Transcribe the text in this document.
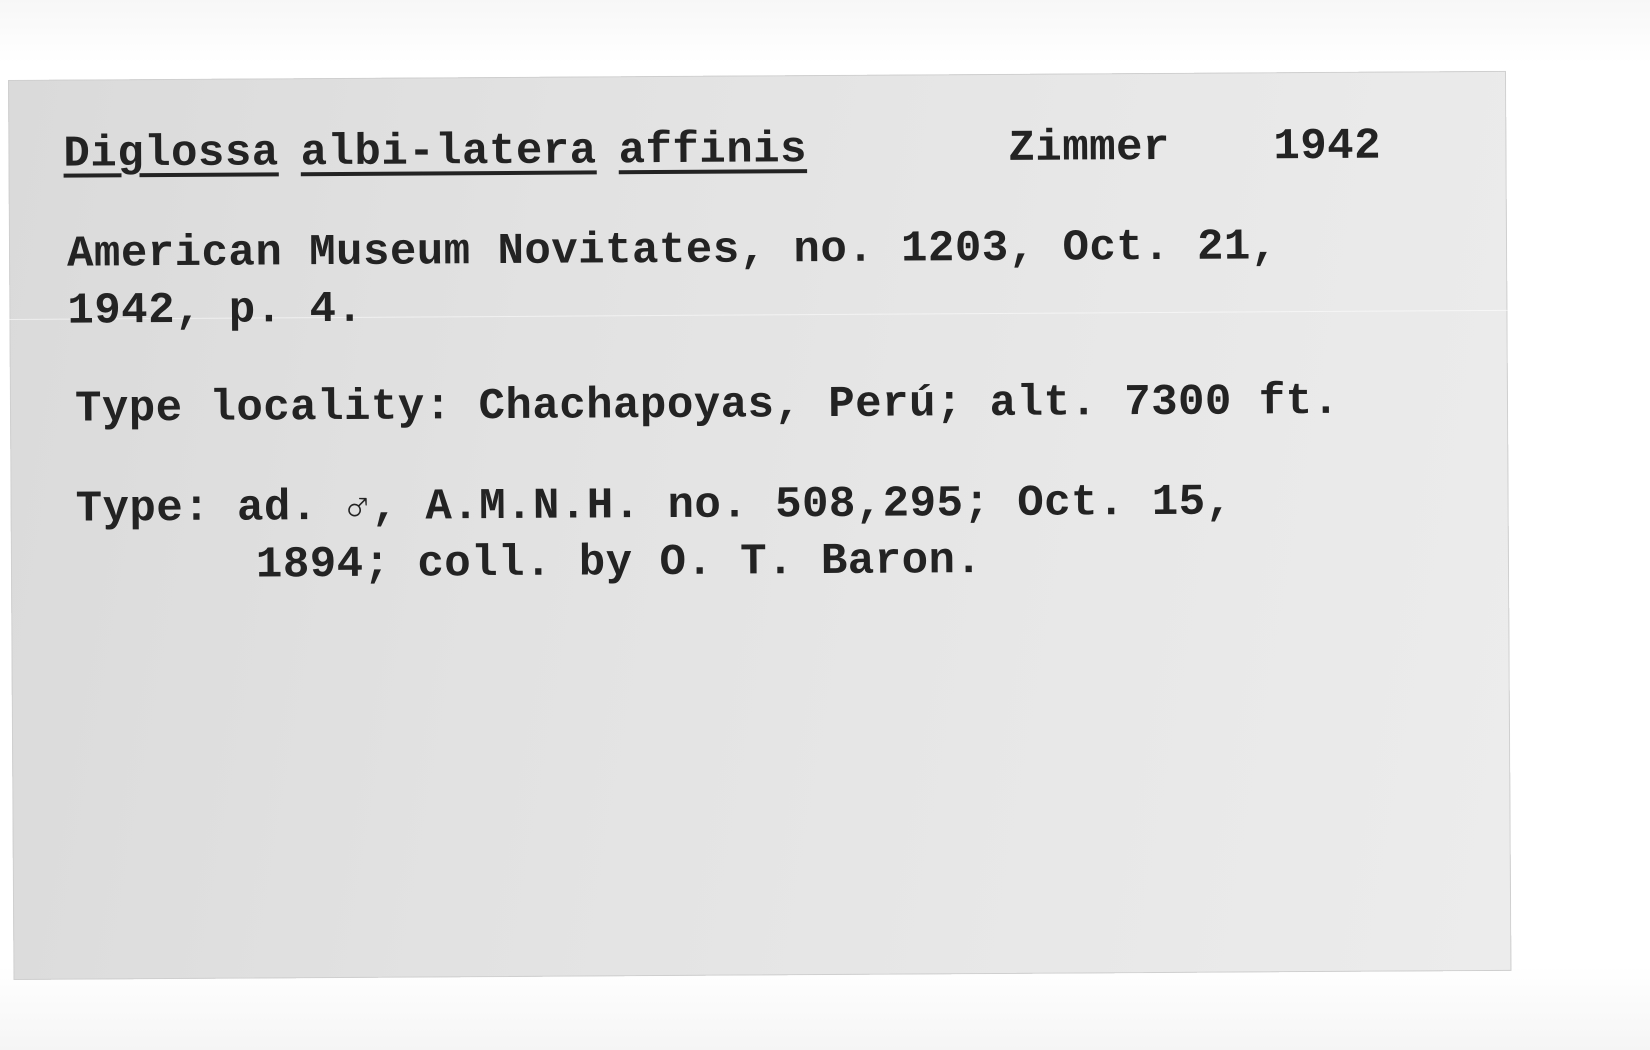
Diglossa albi-latera affinis	Zimmer 1942
American Museum Novitates, no. 1203, Oct. 21,
1942, p. 4.
Type locality: Chachapoyas, Perú; alt. 7300 ft.
Type: ad. ♂, A.M.N.H. no. 508,295; Oct. 15,
1894; coll. by O. T. Baron.
